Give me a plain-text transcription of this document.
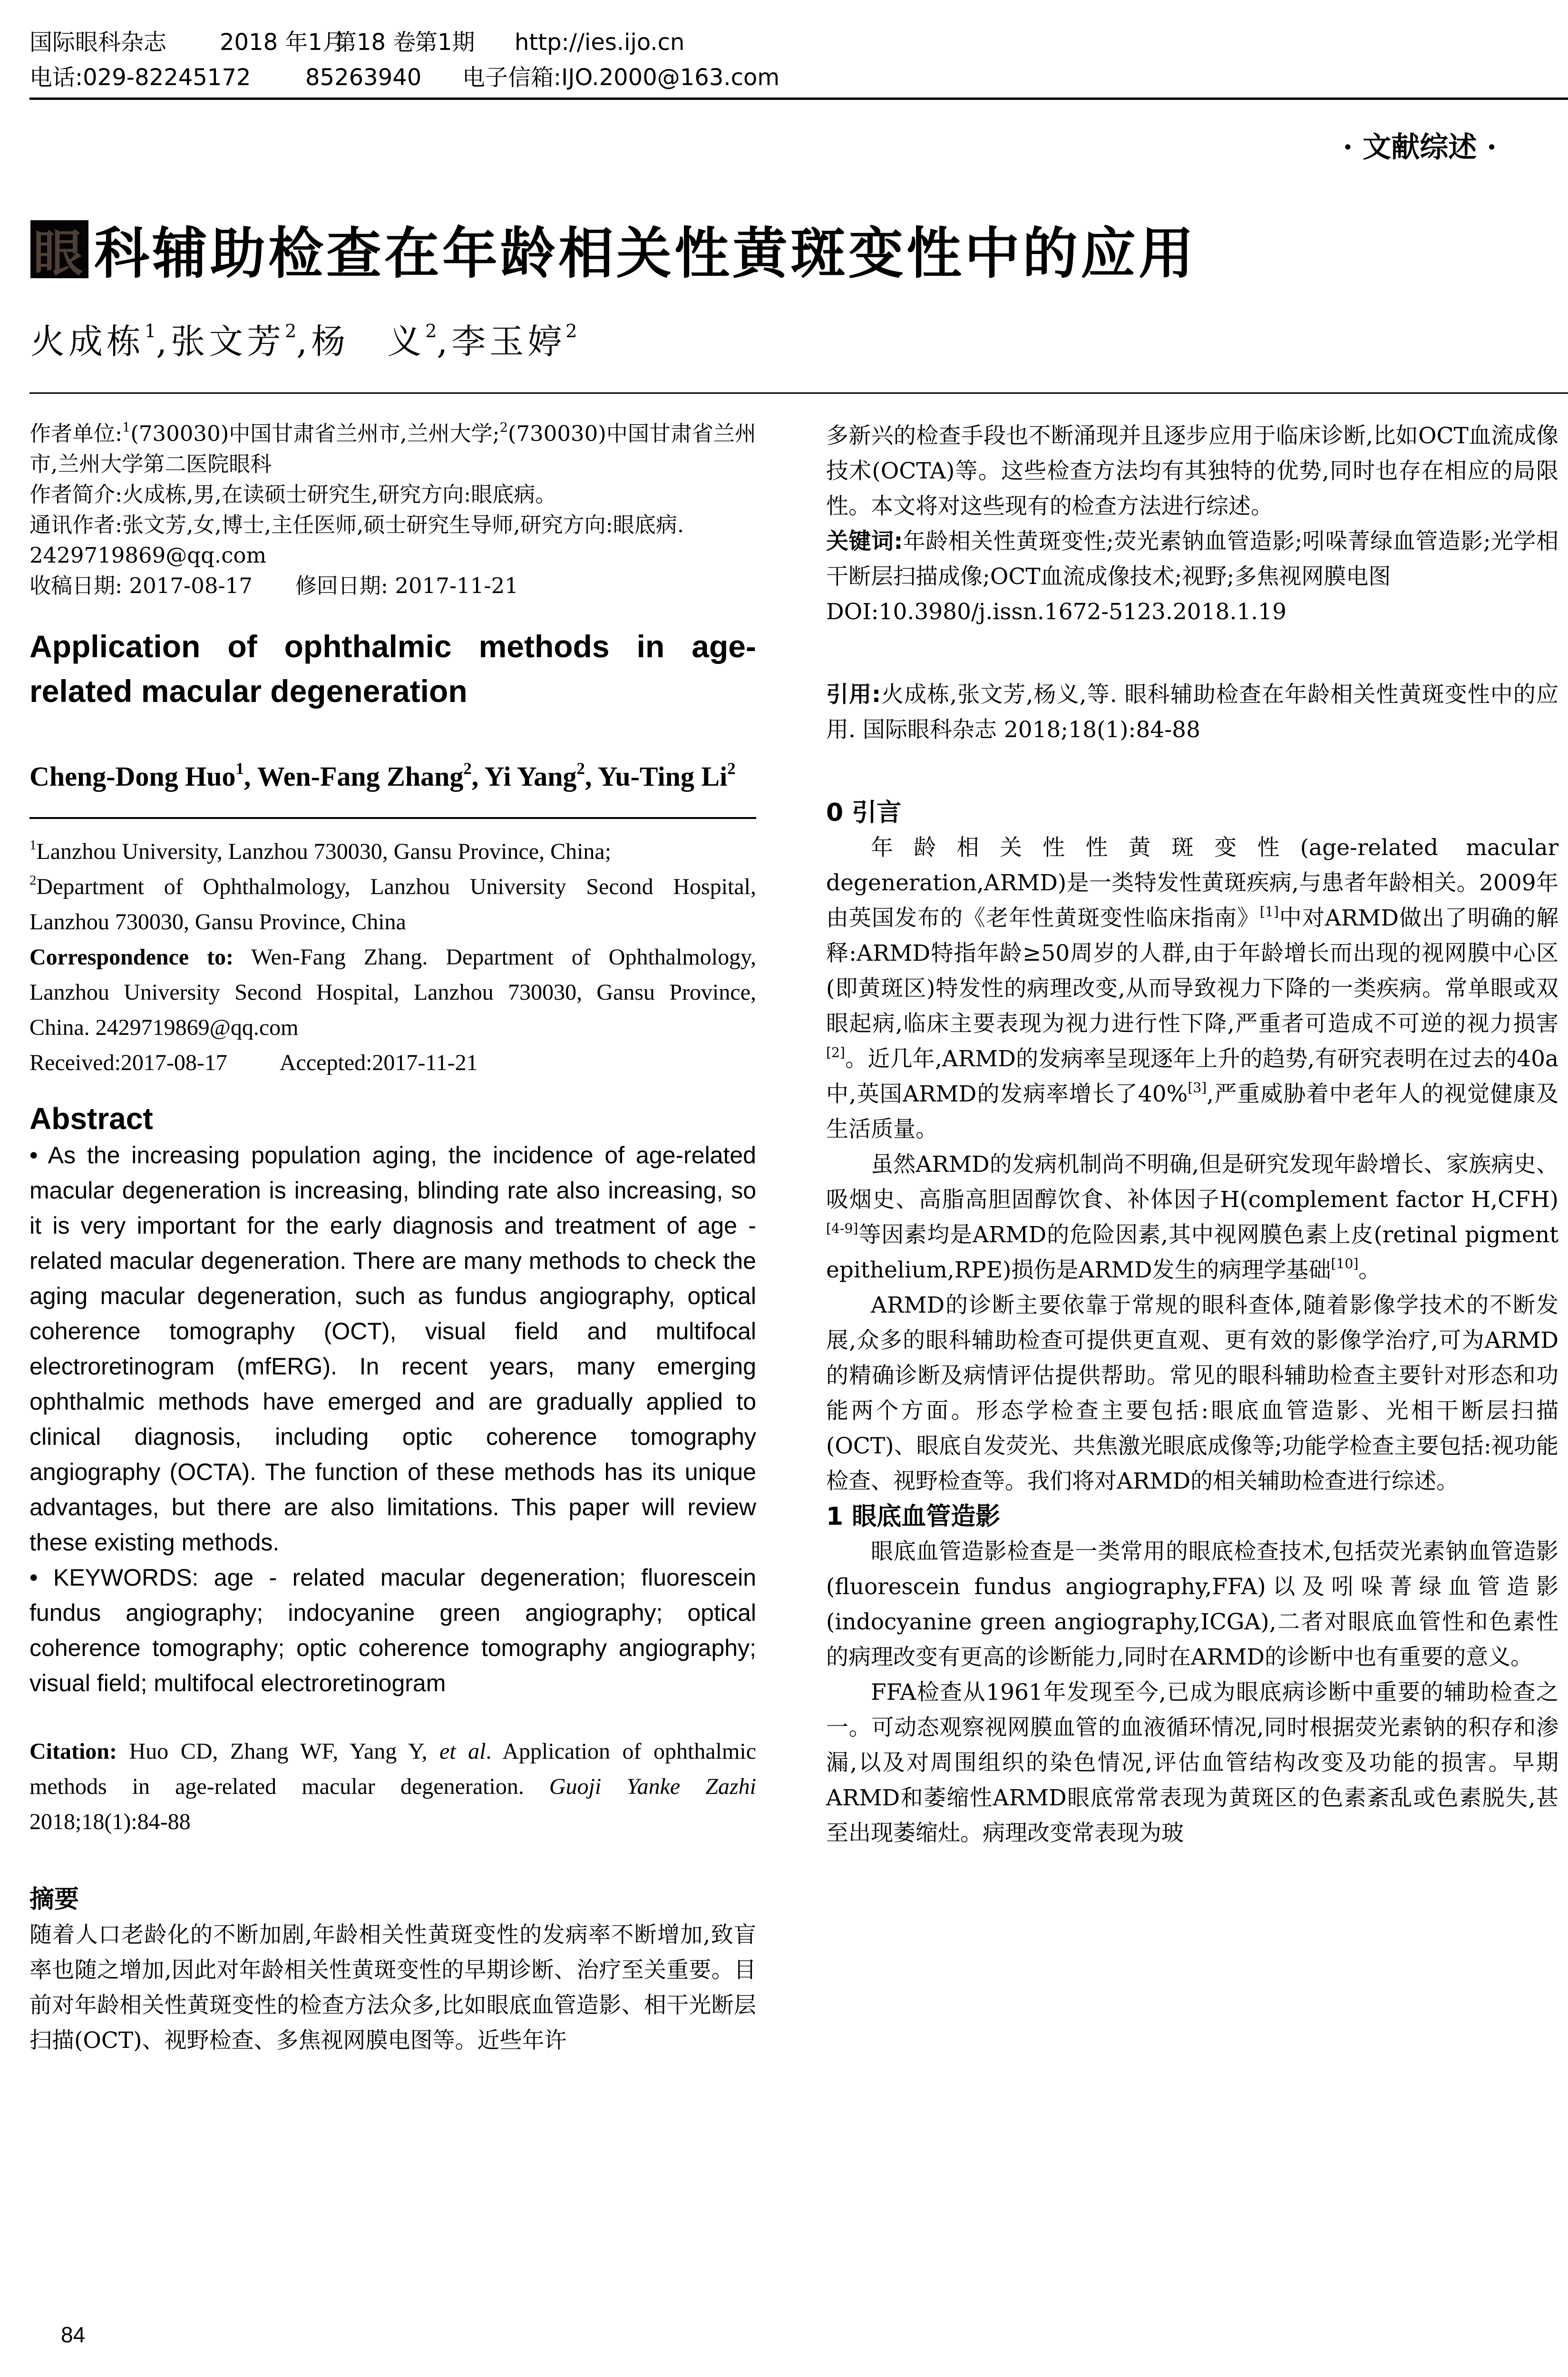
国际眼科杂志	2018 年1月
第18 卷
第1期	http://ies.ijo.cn
电话:029-82245172	85263940	电子信箱:IJO.2000@163.com
· 文献综述 ·
眼 科辅助检查在年龄相关性黄斑变性中的应用
火成栋$^1$,张文芳$^2$,杨　义$^2$,李玉婷$^2$

作者单位:$^1$(730030)中国甘肃省兰州市,兰州大学;$^2$(730030)中国甘肃省兰州市,兰州大学第二医院眼科

作者简介:火成栋,男,在读硕士研究生,研究方向:眼底病。

通讯作者:张文芳,女,博士,主任医师,硕士研究生导师,研究方向:眼底病. 2429719869@qq.com

收稿日期: 2017-08-17 修回日期: 2017-11-21

Application of ophthalmic methods in age-related macular degeneration
Cheng-Dong Huo$^1$, Wen-Fang Zhang$^2$, Yi Yang$^2$, Yu-Ting Li$^2$

$^1$Lanzhou University, Lanzhou 730030, Gansu Province, China;

$^2$Department of Ophthalmology, Lanzhou University Second Hospital, Lanzhou 730030, Gansu Province, China

Correspondence to: Wen-Fang Zhang. Department of Ophthalmology, Lanzhou University Second Hospital, Lanzhou 730030, Gansu Province, China. 2429719869@qq.com

Received:2017-08-17 Accepted:2017-11-21

Abstract

• As the increasing population aging, the incidence of age-related macular degeneration is increasing, blinding rate also increasing, so it is very important for the early diagnosis and treatment of age - related macular degeneration. There are many methods to check the aging macular degeneration, such as fundus angiography, optical coherence tomography (OCT), visual field and multifocal electroretinogram (mfERG). In recent years, many emerging ophthalmic methods have emerged and are gradually applied to clinical diagnosis, including optic coherence tomography angiography (OCTA). The function of these methods has its unique advantages, but there are also limitations. This paper will review these existing methods.

• KEYWORDS: age - related macular degeneration; fluorescein fundus angiography; indocyanine green angiography; optical coherence tomography; optic coherence tomography angiography; visual field; multifocal electroretinogram

Citation: Huo CD, Zhang WF, Yang Y, et al. Application of ophthalmic methods in age-related macular degeneration. Guoji Yanke Zazhi 2018;18(1):84-88

摘要

随着人口老龄化的不断加剧,年龄相关性黄斑变性的发病率不断增加,致盲率也随之增加,因此对年龄相关性黄斑变性的早期诊断、治疗至关重要。目前对年龄相关性黄斑变性的检查方法众多,比如眼底血管造影、相干光断层扫描(OCT)、视野检查、多焦视网膜电图等。近些年许

多新兴的检查手段也不断涌现并且逐步应用于临床诊断,比如OCT血流成像技术(OCTA)等。这些检查方法均有其独特的优势,同时也存在相应的局限性。本文将对这些现有的检查方法进行综述。

关键词:年龄相关性黄斑变性;荧光素钠血管造影;吲哚菁绿血管造影;光学相干断层扫描成像;OCT血流成像技术;视野;多焦视网膜电图

DOI:10.3980/j.issn.1672-5123.2018.1.19

引用:火成栋,张文芳,杨义,等. 眼科辅助检查在年龄相关性黄斑变性中的应用. 国际眼科杂志 2018;18(1):84-88

0 引言

年龄相关性性黄斑变性(age-related macular degeneration,ARMD)是一类特发性黄斑疾病,与患者年龄相关。2009年由英国发布的《老年性黄斑变性临床指南》[1]中对ARMD做出了明确的解释:ARMD特指年龄≥50周岁的人群,由于年龄增长而出现的视网膜中心区(即黄斑区)特发性的病理改变,从而导致视力下降的一类疾病。常单眼或双眼起病,临床主要表现为视力进行性下降,严重者可造成不可逆的视力损害[2]。近几年,ARMD的发病率呈现逐年上升的趋势,有研究表明在过去的40a中,英国ARMD的发病率增长了40%[3],严重威胁着中老年人的视觉健康及生活质量。

虽然ARMD的发病机制尚不明确,但是研究发现年龄增长、家族病史、吸烟史、高脂高胆固醇饮食、补体因子H(complement factor H,CFH)[4-9]等因素均是ARMD的危险因素,其中视网膜色素上皮(retinal pigment epithelium,RPE)损伤是ARMD发生的病理学基础[10]。

ARMD的诊断主要依靠于常规的眼科查体,随着影像学技术的不断发展,众多的眼科辅助检查可提供更直观、更有效的影像学治疗,可为ARMD的精确诊断及病情评估提供帮助。常见的眼科辅助检查主要针对形态和功能两个方面。形态学检查主要包括:眼底血管造影、光相干断层扫描(OCT)、眼底自发荧光、共焦激光眼底成像等;功能学检查主要包括:视功能检查、视野检查等。我们将对ARMD的相关辅助检查进行综述。

1 眼底血管造影

眼底血管造影检查是一类常用的眼底检查技术,包括荧光素钠血管造影(fluorescein fundus angiography,FFA)以及吲哚菁绿血管造影(indocyanine green angiography,ICGA),二者对眼底血管性和色素性的病理改变有更高的诊断能力,同时在ARMD的诊断中也有重要的意义。

FFA检查从1961年发现至今,已成为眼底病诊断中重要的辅助检查之一。可动态观察视网膜血管的血液循环情况,同时根据荧光素钠的积存和渗漏,以及对周围组织的染色情况,评估血管结构改变及功能的损害。早期ARMD和萎缩性ARMD眼底常常表现为黄斑区的色素紊乱或色素脱失,甚至出现萎缩灶。病理改变常表现为玻

84
